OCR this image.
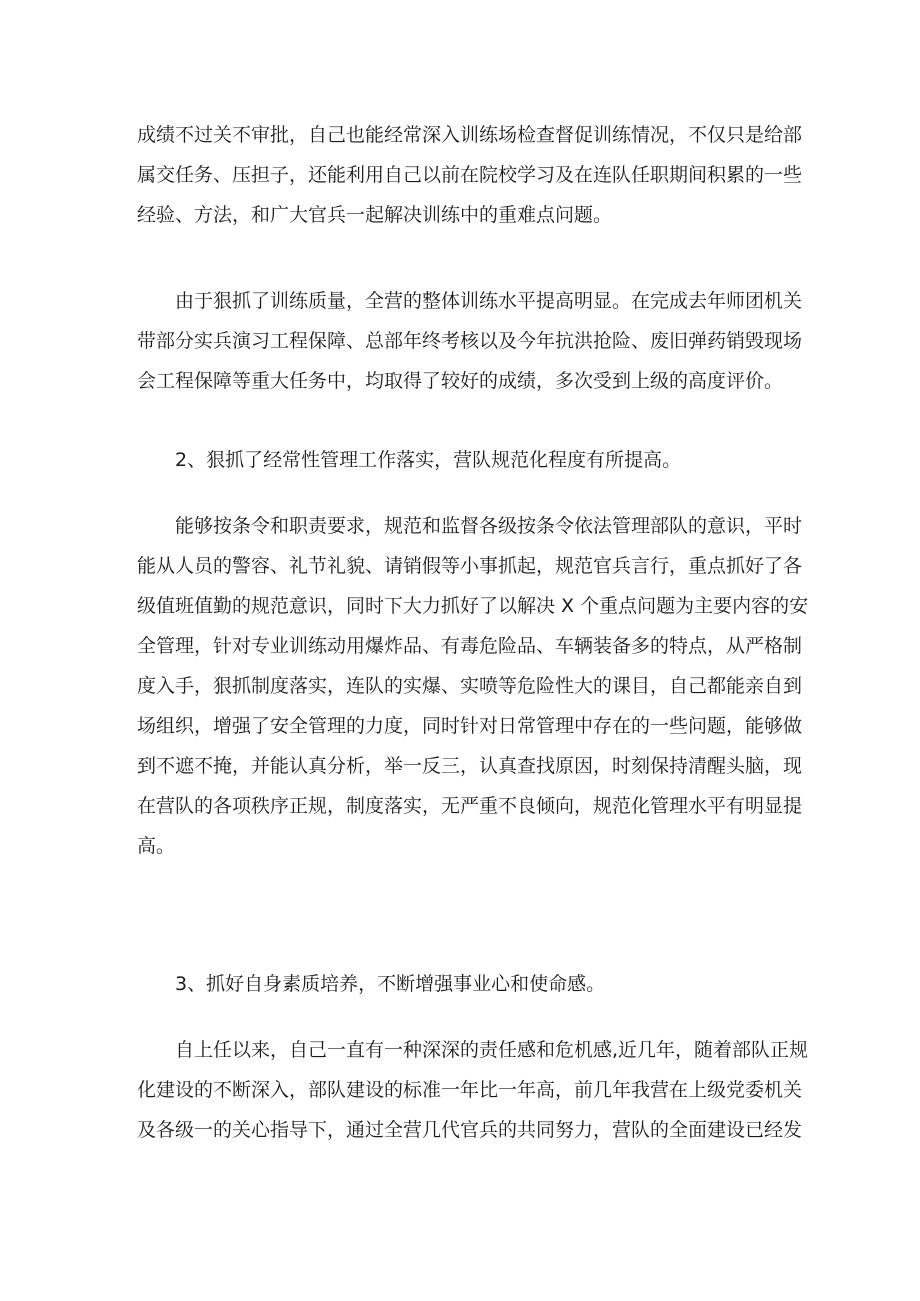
成绩不过关不审批，自己也能经常深入训练场检查督促训练情况，不仅只是给部
属交任务、压担子，还能利用自己以前在院校学习及在连队任职期间积累的一些
经验、方法，和广大官兵一起解决训练中的重难点问题。

由于狠抓了训练质量，全营的整体训练水平提高明显。在完成去年师团机关
带部分实兵演习工程保障、总部年终考核以及今年抗洪抢险、废旧弹药销毁现场
会工程保障等重大任务中，均取得了较好的成绩，多次受到上级的高度评价。

2、狠抓了经常性管理工作落实，营队规范化程度有所提高。

能够按条令和职责要求，规范和监督各级按条令依法管理部队的意识，平时
能从人员的警容、礼节礼貌、请销假等小事抓起，规范官兵言行，重点抓好了各
级值班值勤的规范意识，同时下大力抓好了以解决 X 个重点问题为主要内容的安
全管理，针对专业训练动用爆炸品、有毒危险品、车辆装备多的特点，从严格制
度入手，狠抓制度落实，连队的实爆、实喷等危险性大的课目，自己都能亲自到
场组织，增强了安全管理的力度，同时针对日常管理中存在的一些问题，能够做
到不遮不掩，并能认真分析，举一反三，认真查找原因，时刻保持清醒头脑，现
在营队的各项秩序正规，制度落实，无严重不良倾向，规范化管理水平有明显提
高。

3、抓好自身素质培养，不断增强事业心和使命感。

自上任以来，自己一直有一种深深的责任感和危机感,近几年，随着部队正规
化建设的不断深入，部队建设的标准一年比一年高，前几年我营在上级党委机关
及各级一的关心指导下，通过全营几代官兵的共同努力，营队的全面建设已经发
